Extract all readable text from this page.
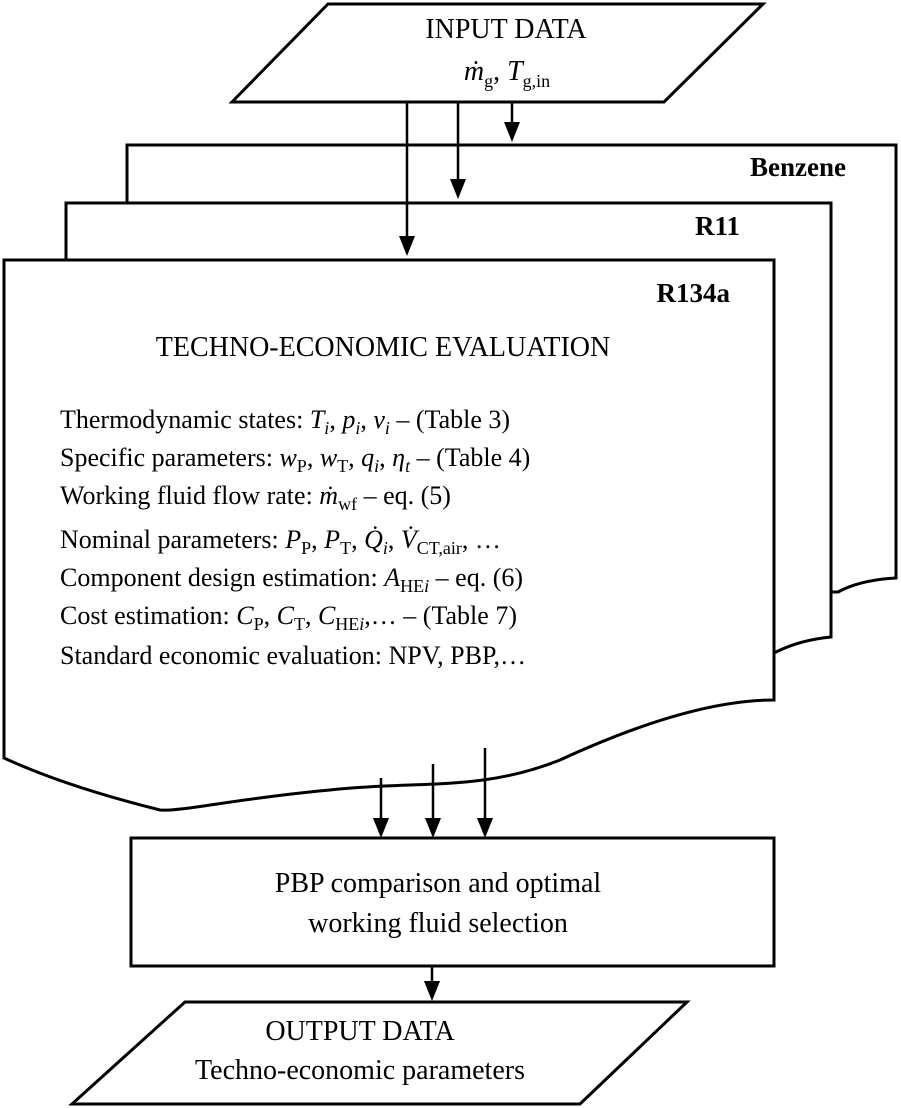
Benzene
R11
R134a
INPUT DATA
ṁ$_g$, $T_{g,in}$
TECHNO-ECONOMIC EVALUATION
Thermodynamic states: $T_i$, $p_i$, $v_i$ – (Table 3)
Specific parameters: $w_P$, $w_T$, $q_i$, $\eta_t$ – (Table 4)
Working fluid flow rate: ṁ$_{wf}$ – eq. (5)
Nominal parameters: $P_P$, $P_T$, $Q̇_i$, $V̇_{CT,air}$, …
Component design estimation: $A_{HEi}$ – eq. (6)
Cost estimation: $C_P$, $C_T$, $C_{HEi},\dots$ – (Table 7)
Standard economic evaluation: NPV, PBP,…
PBP comparison and optimal
working fluid selection
OUTPUT DATA
Techno-economic parameters
